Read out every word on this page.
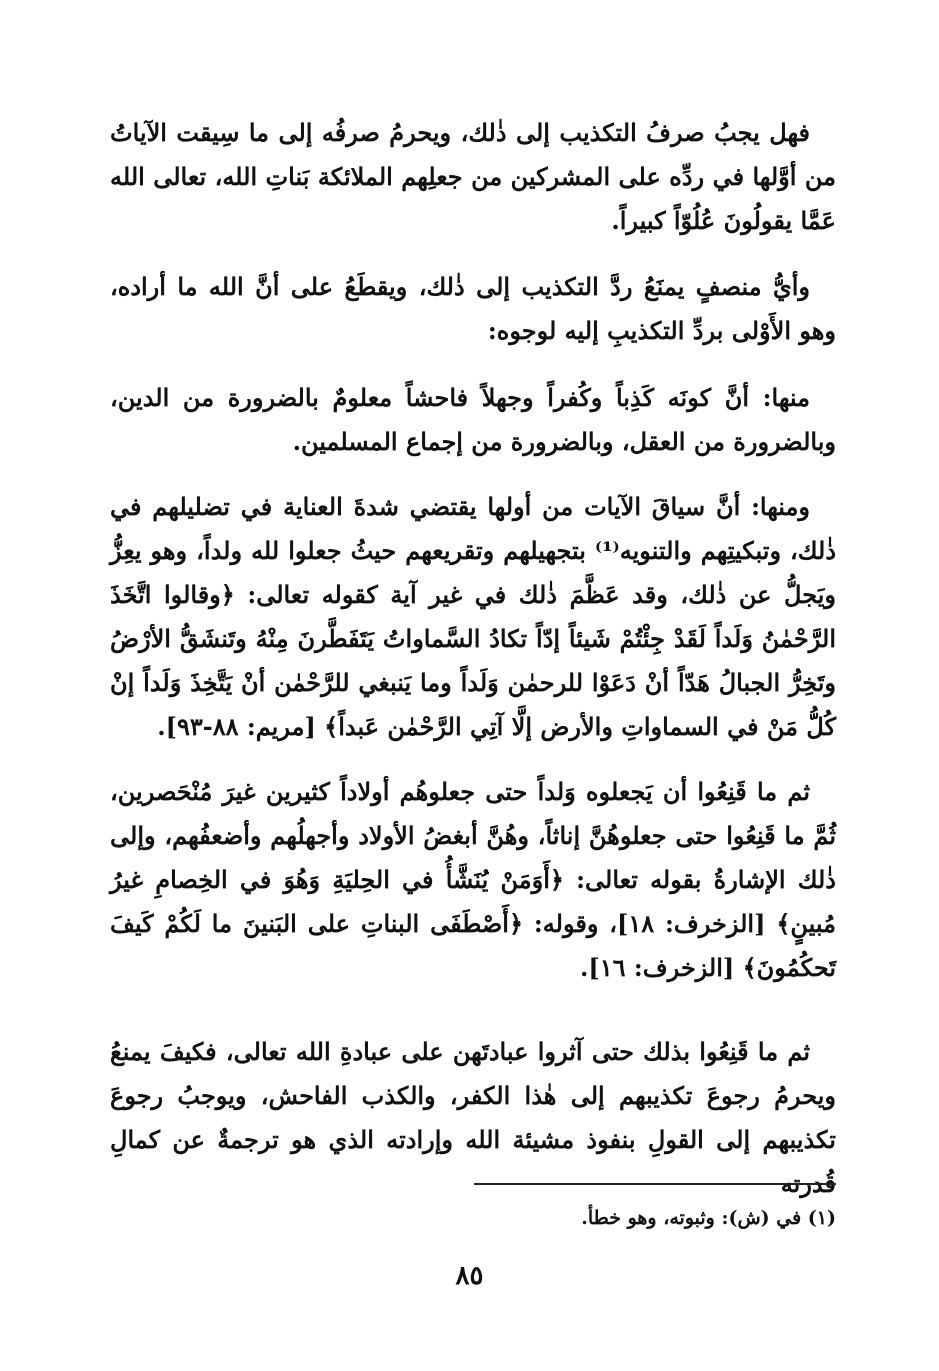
فهل يجبُ صرفُ التكذيب إلى ذٰلك، ويحرمُ صرفُه إلى ما سِيقت الآياتُ من أوَّلها في ردِّه على المشركين من جعلِهم الملائكة بَناتِ الله، تعالى الله عَمَّا يقولُونَ عُلُوّاً كبيراً.

وأيُّ منصفٍ يمنَعُ ردَّ التكذيب إلى ذٰلك، ويقطَعُ على أنَّ الله ما أراده، وهو الأَوْلى بردِّ التكذيبِ إليه لوجوه:

منها: أنَّ كونَه كَذِباً وكُفراً وجهلاً فاحشاً معلومٌ بالضرورة من الدين، وبالضرورة من العقل، وبالضرورة من إجماع المسلمين.

ومنها: أنَّ سياقَ الآيات من أولها يقتضي شدةَ العناية في تضليلهم في ذٰلك، وتبكيتِهم والتنويه⁽¹⁾ بتجهيلهم وتقريعهم حيثُ جعلوا لله ولداً، وهو يعِزُّ ويَجلُّ عن ذٰلك، وقد عَظَّمَ ذٰلك في غير آية كقوله تعالى: ﴿وقالوا اتَّخَذَ الرَّحْمٰنُ وَلَداً لَقَدْ جِئْتُمْ شَيئاً إدّاً تكادُ السَّماواتُ يَتَفَطَّرنَ مِنْهُ وتَنشَقُّ الأرْضُ وتَخِرُّ الجبالُ هَدّاً أنْ دَعَوْا للرحمٰن وَلَداً وما يَنبغي للرَّحْمٰن أنْ يَتَّخِذَ وَلَداً إنْ كُلُّ مَنْ في السماواتِ والأرض إلَّا آتِي الرَّحْمٰن عَبداً﴾ [مريم: ٨٨-٩٣].

ثم ما قَنِعُوا أن يَجعلوه وَلداً حتى جعلوهُم أولاداً كثيرين غيرَ مُنْحَصرين، ثُمَّ ما قَنِعُوا حتى جعلوهُنَّ إناثاً، وهُنَّ أبغضُ الأولاد وأجهلُهم وأضعفُهم، وإلى ذٰلك الإشارةُ بقوله تعالى: ﴿أَوَمَنْ يُنَشَّأُ في الحِليَةِ وَهُوَ في الخِصامِ غيرُ مُبينٍ﴾ [الزخرف: ١٨]، وقوله: ﴿أَصْطَفَى البناتِ على البَنينَ ما لَكُمْ كَيفَ تَحكُمُونَ﴾ [الزخرف: ١٦].

ثم ما قَنِعُوا بذلك حتى آثروا عبادتَهن على عبادةِ الله تعالى، فكيفَ يمنعُ ويحرمُ رجوعَ تكذيبهم إلى هٰذا الكفر، والكذب الفاحش، ويوجبُ رجوعَ تكذيبهم إلى القولِ بنفوذ مشيئة الله وإرادته الذي هو ترجمةٌ عن كمالِ قُدرته

(١) في (ش): وثبوته، وهو خطأ.
٨٥
